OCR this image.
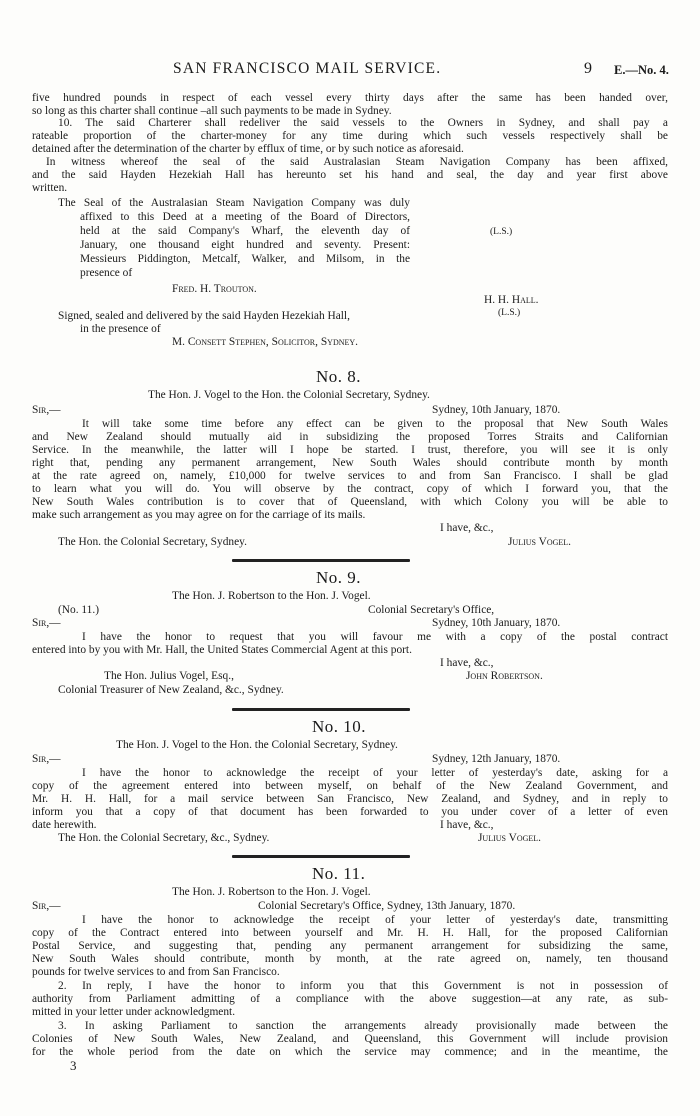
SAN FRANCISCO MAIL SERVICE.	9 E.—No. 4.
five hundred pounds in respect of each vessel every thirty days after the same has been handed over,
so long as this charter shall continue –all such payments to be made in Sydney.
10. The said Charterer shall redeliver the said vessels to the Owners in Sydney, and shall pay a
rateable proportion of the charter-money for any time during which such vessels respectively shall be
detained after the determination of the charter by efflux of time, or by such notice as aforesaid.
In witness whereof the seal of the said Australasian Steam Navigation Company has been affixed,
and the said Hayden Hezekiah Hall has hereunto set his hand and seal, the day and year first above
written.
The Seal of the Australasian Steam Navigation Company was duly
affixed to this Deed at a meeting of the Board of Directors,
held at the said Company's Wharf, the eleventh day of
January, one thousand eight hundred and seventy. Present:
Messieurs Piddington, Metcalf, Walker, and Milsom, in the
presence of
(L.S.)
Fred. H. Trouton.
H. H. Hall.
(L.S.)
Signed, sealed and delivered by the said Hayden Hezekiah Hall,
in the presence of
M. Consett Stephen, Solicitor, Sydney.
No. 8.
The Hon. J. Vogel to the Hon. the Colonial Secretary, Sydney.
Sir,—	Sydney, 10th January, 1870.
It will take some time before any effect can be given to the proposal that New South Wales
and New Zealand should mutually aid in subsidizing the proposed Torres Straits and Californian
Service. In the meanwhile, the latter will I hope be started. I trust, therefore, you will see it is only
right that, pending any permanent arrangement, New South Wales should contribute month by month
at the rate agreed on, namely, £10,000 for twelve services to and from San Francisco. I shall be glad
to learn what you will do. You will observe by the contract, copy of which I forward you, that the
New South Wales contribution is to cover that of Queensland, with which Colony you will be able to
make such arrangement as you may agree on for the carriage of its mails.
I have, &c.,
The Hon. the Colonial Secretary, Sydney.	Julius Vogel.
No. 9.
The Hon. J. Robertson to the Hon. J. Vogel.
(No. 11.)	Colonial Secretary's Office,
Sir,—	Sydney, 10th January, 1870.
I have the honor to request that you will favour me with a copy of the postal contract
entered into by you with Mr. Hall, the United States Commercial Agent at this port.
I have, &c.,
The Hon. Julius Vogel, Esq.,	John Robertson.
Colonial Treasurer of New Zealand, &c., Sydney.
No. 10.
The Hon. J. Vogel to the Hon. the Colonial Secretary, Sydney.
Sir,—	Sydney, 12th January, 1870.
I have the honor to acknowledge the receipt of your letter of yesterday's date, asking for a
copy of the agreement entered into between myself, on behalf of the New Zealand Government, and
Mr. H. H. Hall, for a mail service between San Francisco, New Zealand, and Sydney, and in reply to
inform you that a copy of that document has been forwarded to you under cover of a letter of even
date herewith.	I have, &c.,
The Hon. the Colonial Secretary, &c., Sydney.	Julius Vogel.
No. 11.
The Hon. J. Robertson to the Hon. J. Vogel.
Sir,—	Colonial Secretary's Office, Sydney, 13th January, 1870.
I have the honor to acknowledge the receipt of your letter of yesterday's date, transmitting
copy of the Contract entered into between yourself and Mr. H. H. Hall, for the proposed Californian
Postal Service, and suggesting that, pending any permanent arrangement for subsidizing the same,
New South Wales should contribute, month by month, at the rate agreed on, namely, ten thousand
pounds for twelve services to and from San Francisco.
2. In reply, I have the honor to inform you that this Government is not in possession of
authority from Parliament admitting of a compliance with the above suggestion—at any rate, as sub-
mitted in your letter under acknowledgment.
3. In asking Parliament to sanction the arrangements already provisionally made between the
Colonies of New South Wales, New Zealand, and Queensland, this Government will include provision
for the whole period from the date on which the service may commence; and in the meantime, the
3
